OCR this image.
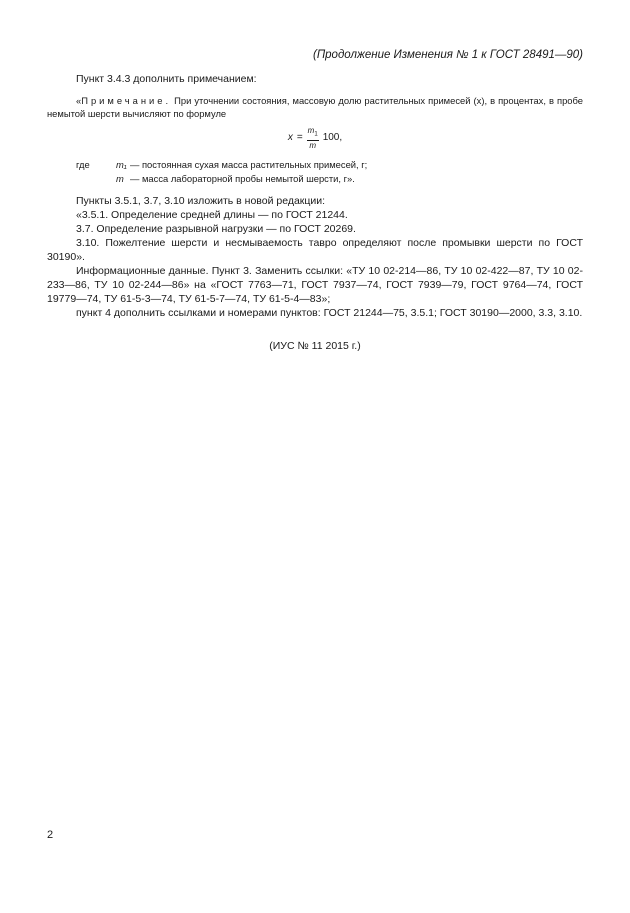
(Продолжение Изменения № 1 к ГОСТ 28491—90)

Пункт 3.4.3 дополнить примечанием:

«Примечание. При уточнении состояния, массовую долю растительных примесей (x), в процентах, в пробе немытой шерсти вычисляют по формуле

$x = \frac{m_1}{m} 100$,
где	m₁ — постоянная сухая масса растительных примесей, г;
m — масса лабораторной пробы немытой шерсти, г».

Пункты 3.5.1, 3.7, 3.10 изложить в новой редакции:

«3.5.1. Определение средней длины — по ГОСТ 21244.

3.7. Определение разрывной нагрузки — по ГОСТ 20269.

3.10. Пожелтение шерсти и несмываемость тавро определяют после промывки шерсти по ГОСТ 30190».

Информационные данные. Пункт 3. Заменить ссылки: «ТУ 10 02-214—86, ТУ 10 02-422—87, ТУ 10 02-233—86, ТУ 10 02-244—86» на «ГОСТ 7763—71, ГОСТ 7937—74, ГОСТ 7939—79, ГОСТ 9764—74, ГОСТ 19779—74, ТУ 61-5-3—74, ТУ 61-5-7—74, ТУ 61-5-4—83»;

пункт 4 дополнить ссылками и номерами пунктов: ГОСТ 21244—75, 3.5.1; ГОСТ 30190—2000, 3.3, 3.10.

(ИУС № 11 2015 г.)

2
